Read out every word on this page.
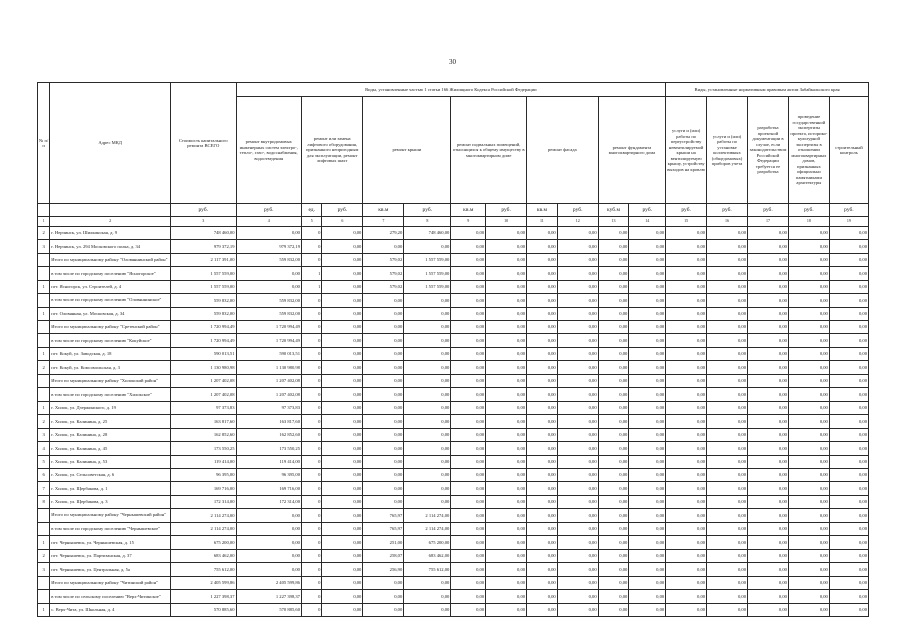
30
№ п/п	Адрес МКД	Стоимость капитального ремонта ВСЕГО	Виды, установленные частью 1 статьи 166 Жилищного Кодекса Российской Федерации											Виды, установленные нормативным правовым актом Забайкальского края				
			ремонт внутридомовых инженерных систем электро-, тепло-, газо-, водоснабжения, водоотведения	ремонт или замена лифтового оборудования, признанного непригодным для эксплуатации, ремонт лифтовых шахт		ремонт крыши		ремонт подвальных помещений, относящихся к общему имуществу в многоквартирном доме		ремонт фасада		ремонт фундамента многоквартирного дома		услуги и (или) работы по переустройству невентилируемой крыши на вентилируемую крышу, устройству выходов на кровлю	услуги и (или) работы по установке коллективных (общедомовых) приборов учета	разработка проектной документации в случае, если законодательством Российской Федерации требуется ее разработка	проведение государственной экспертизы проекта, историко-культурной экспертизы в отношении многоквартирных домов, признанных официально памятниками архитектуры	строительный контроль
		руб.	руб.	ед.	руб.	кв.м	руб.	кв.м	руб.	кв.м	руб.	куб.м	руб.	руб.	руб.	руб.	руб.	руб.
1	2	3	4	5	6	7	8	9	10	11	12	13	14	15	16	17	18	19
2	г. Нерчинск, ул. Шилкинская, д. 9	748 460,00	0,00	0	0,00	279,20	748 460,00	0,00	0,00	0,00	0,00	0,00	0,00	0,00	0,00	0,00	0,00	0,00
3	г. Нерчинск, ул. 294 Московского полка, д. 34	979 372,19	979 372,19	0	0,00	0,00	0,00	0,00	0,00	0,00	0,00	0,00	0,00	0,00	0,00	0,00	0,00	0,00
	Итого по муниципальному району "Оловяннинский район"	2 117 391,00	559 832,00	0	0,00	579,02	1 557 559,00	0,00	0,00	0,00	0,00	0,00	0,00	0,00	0,00	0,00	0,00	0,00
	в том числе по городскому поселению "Ясногорское"	1 557 559,00	0,00	1	0,00	579,02	1 557 559,00	0,00	0,00	0,00	0,00	0,00	0,00	0,00	0,00	0,00	0,00	0,00
1	пгт. Ясногорск, ул. Строителей, д. 4	1 557 559,00	0,00	1	0,00	579,02	1 557 559,00	0,00	0,00	0,00	0,00	0,00	0,00	0,00	0,00	0,00	0,00	0,00
	в том числе по городскому поселению "Оловяннинское"	559 832,00	559 832,00	0	0,00	0,00	0,00	0,00	0,00	0,00	0,00	0,00	0,00	0,00	0,00	0,00	0,00	0,00
1	пгт. Оловянная, ул. Московская, д. 34	559 832,00	559 832,00	0	0,00	0,00	0,00	0,00	0,00	0,00	0,00	0,00	0,00	0,00	0,00	0,00	0,00	0,00
	Итого по муниципальному району "Сретенский район"	1 720 994,49	1 720 994,49	0	0,00	0,00	0,00	0,00	0,00	0,00	0,00	0,00	0,00	0,00	0,00	0,00	0,00	0,00
	в том числе по городскому поселению "Кокуйское"	1 720 994,49	1 720 994,49	0	0,00	0,00	0,00	0,00	0,00	0,00	0,00	0,00	0,00	0,00	0,00	0,00	0,00	0,00
1	пгт. Кокуй, ул. Заводская, д. 18	590 013,51	590 013,51	0	0,00	0,00	0,00	0,00	0,00	0,00	0,00	0,00	0,00	0,00	0,00	0,00	0,00	0,00
2	пгт. Кокуй, ул. Комсомольская, д. 3	1 130 980,98	1 130 980,98	0	0,00	0,00	0,00	0,00	0,00	0,00	0,00	0,00	0,00	0,00	0,00	0,00	0,00	0,00
	Итого по муниципальному району "Хилокский район"	1 207 402,08	1 207 402,08	0	0,00	0,00	0,00	0,00	0,00	0,00	0,00	0,00	0,00	0,00	0,00	0,00	0,00	0,00
	в том числе по городскому поселению "Хилокское"	1 207 402,08	1 207 402,08	0	0,00	0,00	0,00	0,00	0,00	0,00	0,00	0,00	0,00	0,00	0,00	0,00	0,00	0,00
1	г. Хилок, ул. Дзержинского, д. 19	97 373,83	97 373,83	0	0,00	0,00	0,00	0,00	0,00	0,00	0,00	0,00	0,00	0,00	0,00	0,00	0,00	0,00
2	г. Хилок, ул. Калинина, д. 25	163 817,60	163 817,60	0	0,00	0,00	0,00	0,00	0,00	0,00	0,00	0,00	0,00	0,00	0,00	0,00	0,00	0,00
3	г. Хилок, ул. Калинина, д. 28	162 852,60	162 852,60	0	0,00	0,00	0,00	0,00	0,00	0,00	0,00	0,00	0,00	0,00	0,00	0,00	0,00	0,00
4	г. Хилок, ул. Калинина, д. 45	173 550,25	173 550,25	0	0,00	0,00	0,00	0,00	0,00	0,00	0,00	0,00	0,00	0,00	0,00	0,00	0,00	0,00
5	г. Хилок, ул. Калинина, д. 53	119 414,00	119 414,00	0	0,00	0,00	0,00	0,00	0,00	0,00	0,00	0,00	0,00	0,00	0,00	0,00	0,00	0,00
6	г. Хилок, ул. Сельсоветская, д. 6	96 395,00	96 395,00	0	0,00	0,00	0,00	0,00	0,00	0,00	0,00	0,00	0,00	0,00	0,00	0,00	0,00	0,00
7	г. Хилок, ул. Щербакова, д. 1	169 716,00	169 716,00	0	0,00	0,00	0,00	0,00	0,00	0,00	0,00	0,00	0,00	0,00	0,00	0,00	0,00	0,00
8	г. Хилок, ул. Щербакова, д. 3	172 314,00	172 314,00	0	0,00	0,00	0,00	0,00	0,00	0,00	0,00	0,00	0,00	0,00	0,00	0,00	0,00	0,00
	Итого по муниципальному району "Чернышевский район"	2 114 274,00	0,00	0	0,00	765,97	2 114 274,00	0,00	0,00	0,00	0,00	0,00	0,00	0,00	0,00	0,00	0,00	0,00
	в том числе по городскому поселению "Чернышевское"	2 114 274,00	0,00	0	0,00	765,97	2 114 274,00	0,00	0,00	0,00	0,00	0,00	0,00	0,00	0,00	0,00	0,00	0,00
1	пгт. Чернышевск, ул. Чернышевская, д. 15	675 200,00	0,00	0	0,00	251,00	675 200,00	0,00	0,00	0,00	0,00	0,00	0,00	0,00	0,00	0,00	0,00	0,00
2	пгт. Чернышевск, ул. Партизанская, д. 37	683 462,00	0,00	0	0,00	258,07	683 462,00	0,00	0,00	0,00	0,00	0,00	0,00	0,00	0,00	0,00	0,00	0,00
3	пгт. Чернышевск, ул. Центральная, д. 5а	755 612,00	0,00	0	0,00	256,90	755 612,00	0,00	0,00	0,00	0,00	0,00	0,00	0,00	0,00	0,00	0,00	0,00
	Итого по муниципальному району "Читинский район"	2 405 599,86	2 405 599,86	0	0,00	0,00	0,00	0,00	0,00	0,00	0,00	0,00	0,00	0,00	0,00	0,00	0,00	0,00
	в том числе по сельскому поселению "Верх-Читинское"	1 227 398,37	1 227 398,37	0	0,00	0,00	0,00	0,00	0,00	0,00	0,00	0,00	0,00	0,00	0,00	0,00	0,00	0,00
1	с. Верх-Чита, ул. Школьная, д. 4	570 885,60	570 885,60	0	0,00	0,00	0,00	0,00	0,00	0,00	0,00	0,00	0,00	0,00	0,00	0,00	0,00	0,00
